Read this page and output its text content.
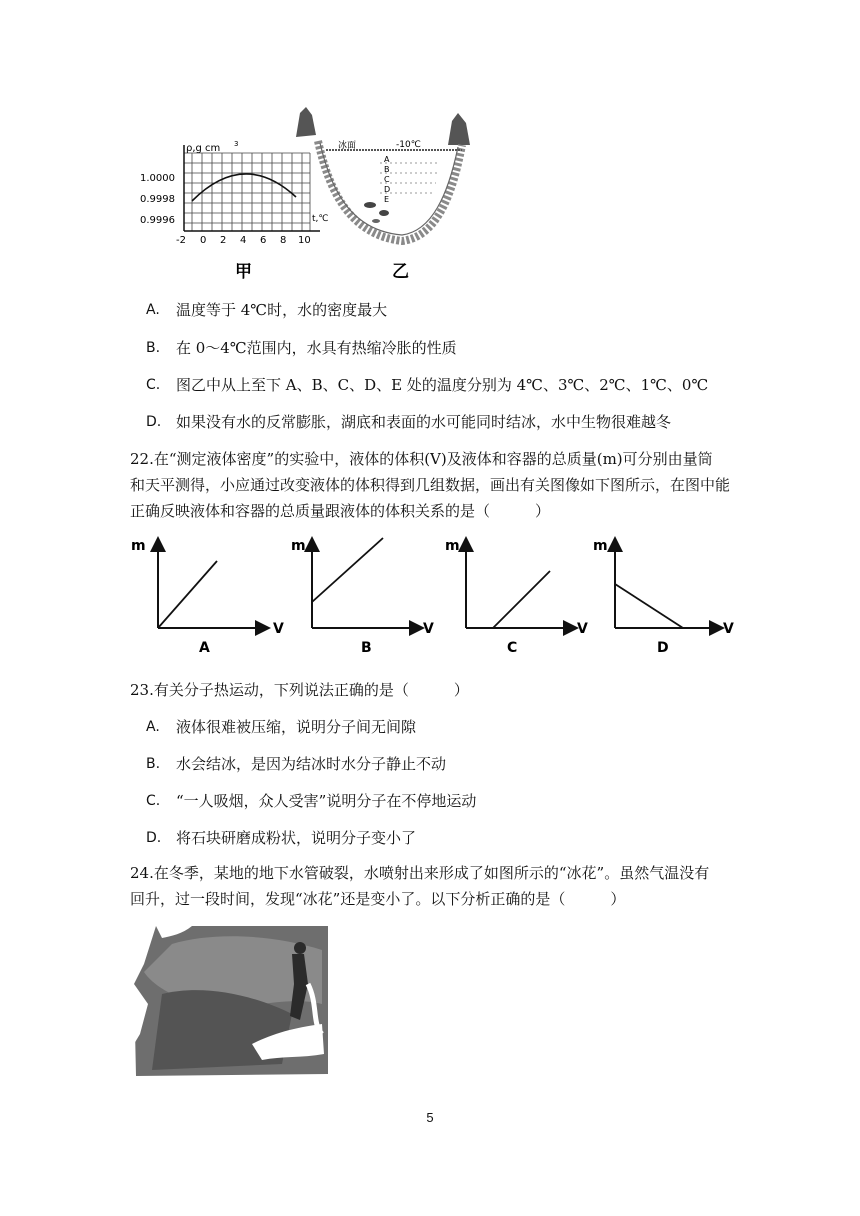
ρ,g cm 3
1.0000
0.9998
0.9996
-2 0 2 4 6 8 10
t,℃
冰面	-10℃
A
B
C
D
E
甲	乙
A. 温度等于 4℃时，水的密度最大
B. 在 0～4℃范围内，水具有热缩冷胀的性质
C. 图乙中从上至下 A、B、C、D、E 处的温度分别为 4℃、3℃、2℃、1℃、0℃
D. 如果没有水的反常膨胀，湖底和表面的水可能同时结冰，水中生物很难越冬
22.在“测定液体密度”的实验中，液体的体积(V)及液体和容器的总质量(m)可分别由量筒
和天平测得，小应通过改变液体的体积得到几组数据，画出有关图像如下图所示，在图中能
正确反映液体和容器的总质量跟液体的体积关系的是（　　　）
m
V
A
m
V
B
m
V
C
m
V
D
23.有关分子热运动，下列说法正确的是（　　　）
A. 液体很难被压缩，说明分子间无间隙
B. 水会结冰，是因为结冰时水分子静止不动
C. “一人吸烟，众人受害”说明分子在不停地运动
D. 将石块研磨成粉状，说明分子变小了
24.在冬季，某地的地下水管破裂，水喷射出来形成了如图所示的“冰花”。虽然气温没有
回升，过一段时间，发现“冰花”还是变小了。以下分析正确的是（　　　）
5
